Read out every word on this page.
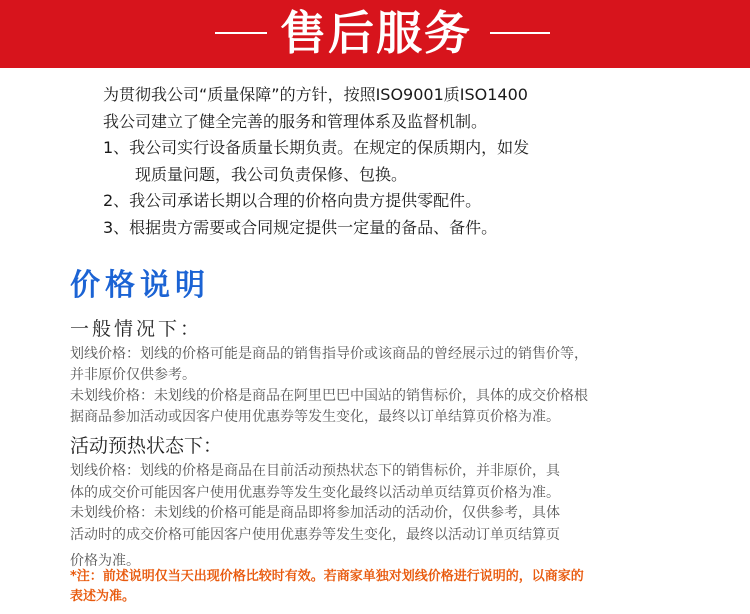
售后服务
为贯彻我公司“质量保障”的方针，按照ISO9001质ISO1400
我公司建立了健全完善的服务和管理体系及监督机制。
1、我公司实行设备质量长期负责。在规定的保质期内，如发
现质量问题，我公司负责保修、包换。
2、我公司承诺长期以合理的价格向贵方提供零配件。
3、根据贵方需要或合同规定提供一定量的备品、备件。
价格说明
一般情况下：
划线价格：划线的价格可能是商品的销售指导价或该商品的曾经展示过的销售价等，
并非原价仅供参考。
未划线价格：未划线的价格是商品在阿里巴巴中国站的销售标价，具体的成交价格根
据商品参加活动或因客户使用优惠券等发生变化，最终以订单结算页价格为准。
活动预热状态下：
划线价格：划线的价格是商品在目前活动预热状态下的销售标价，并非原价，具
体的成交价可能因客户使用优惠券等发生变化最终以活动单页结算页价格为准。
未划线价格：未划线的价格可能是商品即将参加活动的活动价，仅供参考，具体
活动时的成交价格可能因客户使用优惠券等发生变化，最终以活动订单页结算页
价格为准。
*注：前述说明仅当天出现价格比较时有效。若商家单独对划线价格进行说明的，以商家的
表述为准。
